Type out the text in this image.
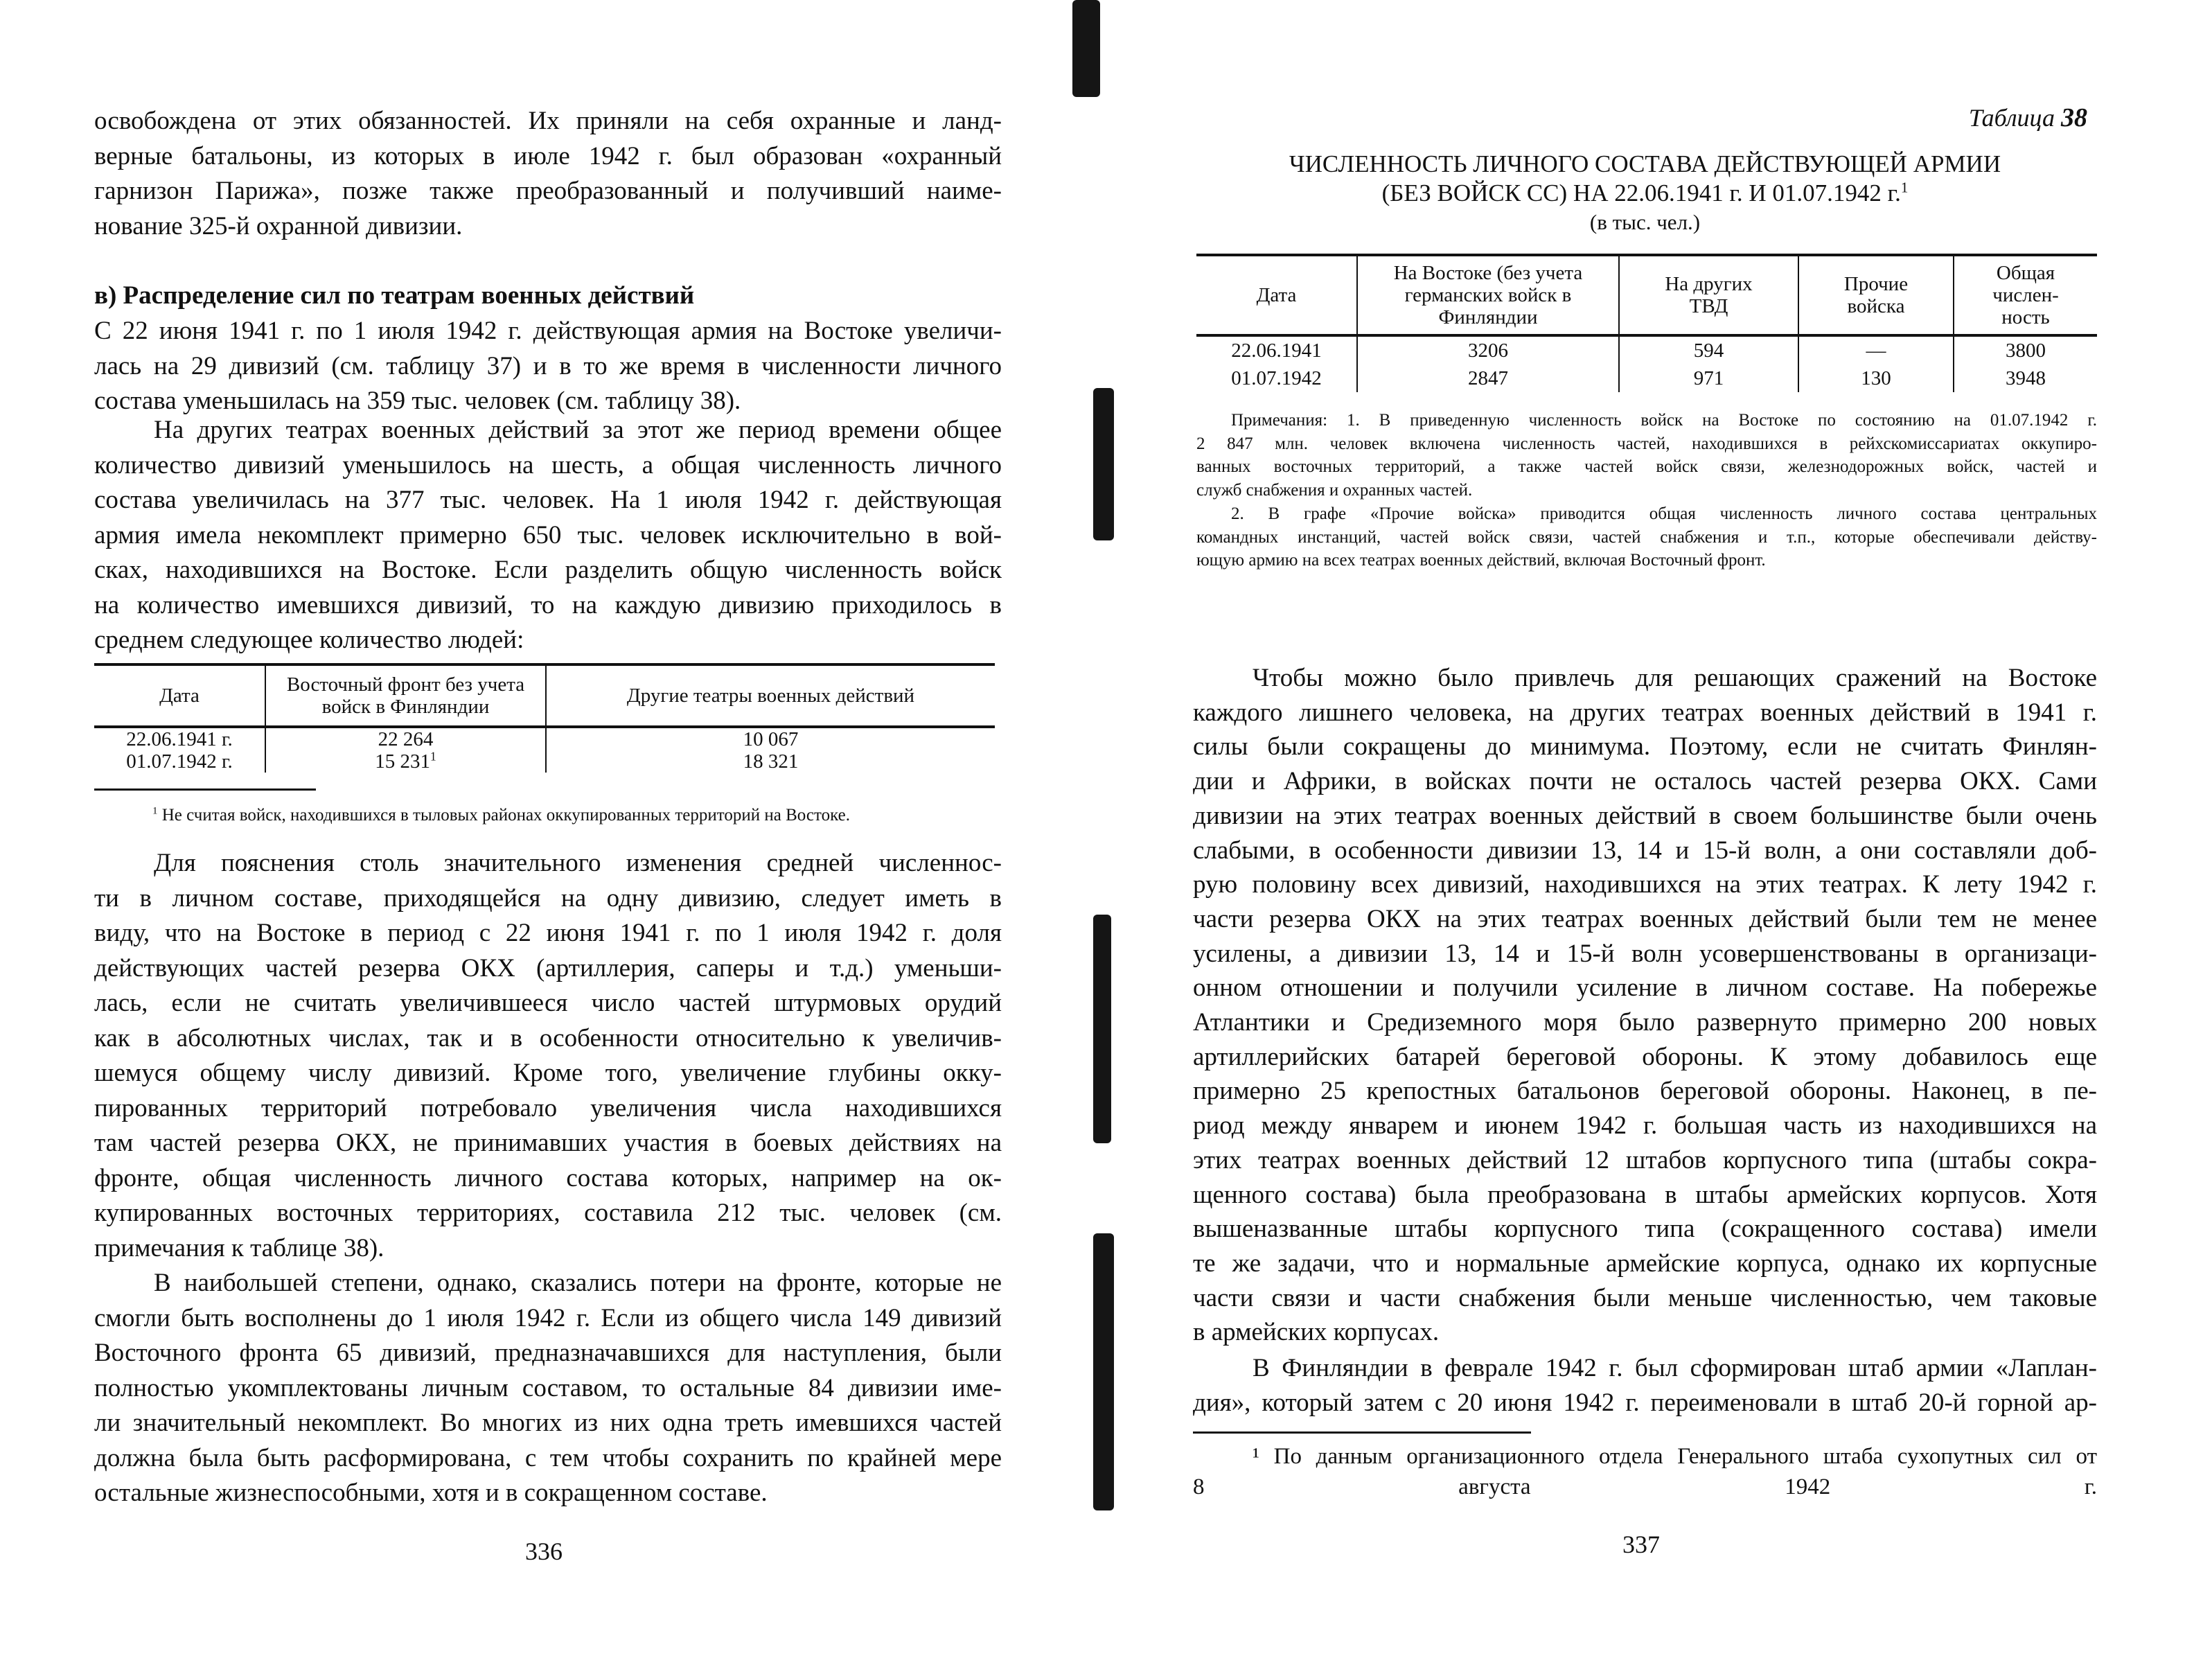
освобождена от этих обязанностей. Их приняли на себя охранные и ланд-
верные батальоны, из которых в июле 1942 г. был образован «охранный
гарнизон Парижа», позже также преобразованный и получивший наиме-
нование 325-й охранной дивизии.
в) Распределение сил по театрам военных действий
С 22 июня 1941 г. по 1 июля 1942 г. действующая армия на Востоке увеличи-
лась на 29 дивизий (см. таблицу 37) и в то же время в численности личного
состава уменьшилась на 359 тыс. человек (см. таблицу 38).
На других театрах военных действий за этот же период времени общее
количество дивизий уменьшилось на шесть, а общая численность личного
состава увеличилась на 377 тыс. человек. На 1 июля 1942 г. действующая
армия имела некомплект примерно 650 тыс. человек исключительно в вой-
сках, находившихся на Востоке. Если разделить общую численность войск
на количество имевшихся дивизий, то на каждую дивизию приходилось в
среднем следующее количество людей:
Дата	Восточный фронт без учета войск в Финляндии	Другие театры военных действий
22.06.1941 г.	22 264	10 067
01.07.1942 г.	15 $231^1$	18 321
$^1$ Не считая войск, находившихся в тыловых районах оккупированных территорий на Востоке.
Для пояснения столь значительного изменения средней численнос-
ти в личном составе, приходящейся на одну дивизию, следует иметь в
виду, что на Востоке в период с 22 июня 1941 г. по 1 июля 1942 г. доля
действующих частей резерва ОКХ (артиллерия, саперы и т.д.) уменьши-
лась, если не считать увеличившееся число частей штурмовых орудий
как в абсолютных числах, так и в особенности относительно к увеличив-
шемуся общему числу дивизий. Кроме того, увеличение глубины окку-
пированных территорий потребовало увеличения числа находившихся
там частей резерва ОКХ, не принимавших участия в боевых действиях на
фронте, общая численность личного состава которых, например на ок-
купированных восточных территориях, составила 212 тыс. человек (см.
примечания к таблице 38).
В наибольшей степени, однако, сказались потери на фронте, которые не
смогли быть восполнены до 1 июля 1942 г. Если из общего числа 149 дивизий
Восточного фронта 65 дивизий, предназначавшихся для наступления, были
полностью укомплектованы личным составом, то остальные 84 дивизии име-
ли значительный некомплект. Во многих из них одна треть имевшихся частей
должна была быть расформирована, с тем чтобы сохранить по крайней мере
остальные жизнеспособными, хотя и в сокращенном составе.
336
Таблица 38
ЧИСЛЕННОСТЬ ЛИЧНОГО СОСТАВА ДЕЙСТВУЮЩЕЙ АРМИИ
(БЕЗ ВОЙСК СС) НА 22.06.1941 г. И 01.07.1942 г.$^1$
(в тыс. чел.)
Дата	На Востоке (без учета германских войск в Финляндии	На других ТВД	Прочие войска	Общая числен-ность
22.06.1941	3206	594	—	3800
01.07.1942	2847	971	130	3948
Примечания: 1. В приведенную численность войск на Востоке по состоянию на 01.07.1942 г.
2 847 млн. человек включена численность частей, находившихся в рейхскомиссариатах оккупиро-
ванных восточных территорий, а также частей войск связи, железнодорожных войск, частей и
служб снабжения и охранных частей.
2. В графе «Прочие войска» приводится общая численность личного состава центральных
командных инстанций, частей войск связи, частей снабжения и т.п., которые обеспечивали действу-
ющую армию на всех театрах военных действий, включая Восточный фронт.
Чтобы можно было привлечь для решающих сражений на Востоке
каждого лишнего человека, на других театрах военных действий в 1941 г.
силы были сокращены до минимума. Поэтому, если не считать Финлян-
дии и Африки, в войсках почти не осталось частей резерва ОКХ. Сами
дивизии на этих театрах военных действий в своем большинстве были очень
слабыми, в особенности дивизии 13, 14 и 15-й волн, а они составляли доб-
рую половину всех дивизий, находившихся на этих театрах. К лету 1942 г.
части резерва ОКХ на этих театрах военных действий были тем не менее
усилены, а дивизии 13, 14 и 15-й волн усовершенствованы в организаци-
онном отношении и получили усиление в личном составе. На побережье
Атлантики и Средиземного моря было развернуто примерно 200 новых
артиллерийских батарей береговой обороны. К этому добавилось еще
примерно 25 крепостных батальонов береговой обороны. Наконец, в пе-
риод между январем и июнем 1942 г. большая часть из находившихся на
этих театрах военных действий 12 штабов корпусного типа (штабы сокра-
щенного состава) была преобразована в штабы армейских корпусов. Хотя
вышеназванные штабы корпусного типа (сокращенного состава) имели
те же задачи, что и нормальные армейские корпуса, однако их корпусные
части связи и части снабжения были меньше численностью, чем таковые
в армейских корпусах.
В Финляндии в феврале 1942 г. был сформирован штаб армии «Лаплан-
дия», который затем с 20 июня 1942 г. переименовали в штаб 20-й горной ар-
¹ По данным организационного отдела Генерального штаба сухопутных сил от
8 августа 1942 г.
337
